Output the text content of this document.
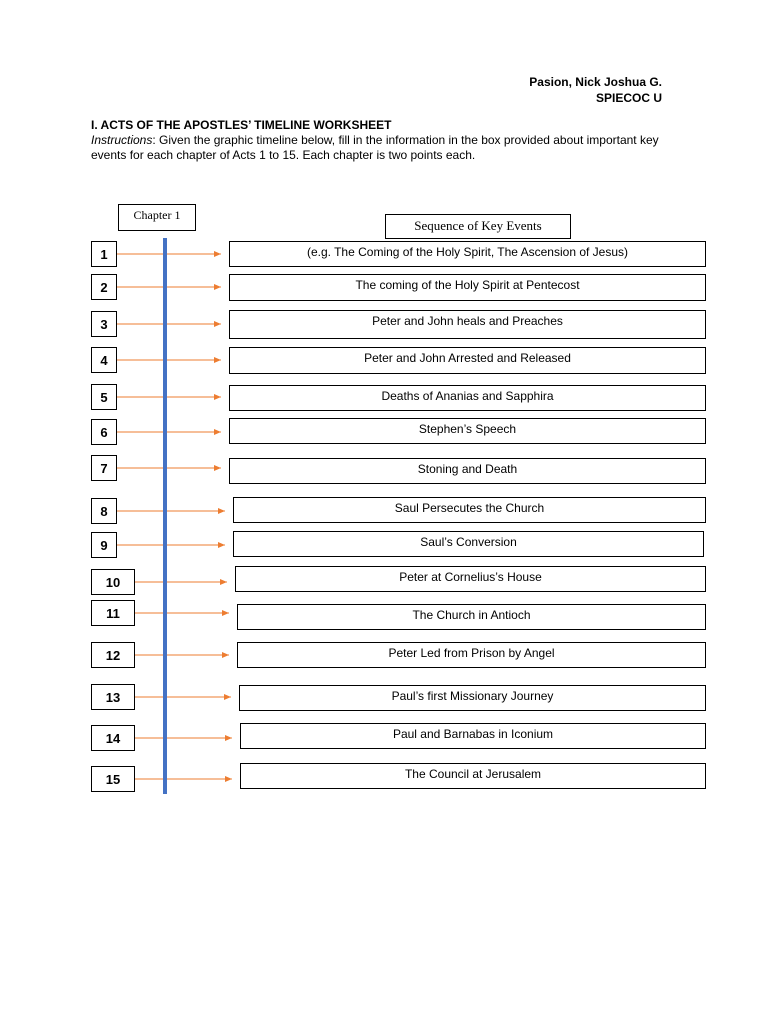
Pasion, Nick Joshua G.
SPIECOC U
I. ACTS OF THE APOSTLES’ TIMELINE WORKSHEET
Instructions: Given the graphic timeline below, fill in the information in the box provided about important key events for each chapter of Acts 1 to 15. Each chapter is two points each.
Chapter 1
Sequence of Key Events
1	(e.g. The Coming of the Holy Spirit, The Ascension of Jesus)
2	The coming of the Holy Spirit at Pentecost
3	Peter and John heals and Preaches
4	Peter and John Arrested and Released
5	Deaths of Ananias and Sapphira
6	Stephen’s Speech
7	Stoning and Death
8	Saul Persecutes the Church
9	Saul’s Conversion
10	Peter at Cornelius’s House
11	The Church in Antioch
12	Peter Led from Prison by Angel
13	Paul’s first Missionary Journey
14	Paul and Barnabas in Iconium
15	The Council at Jerusalem
